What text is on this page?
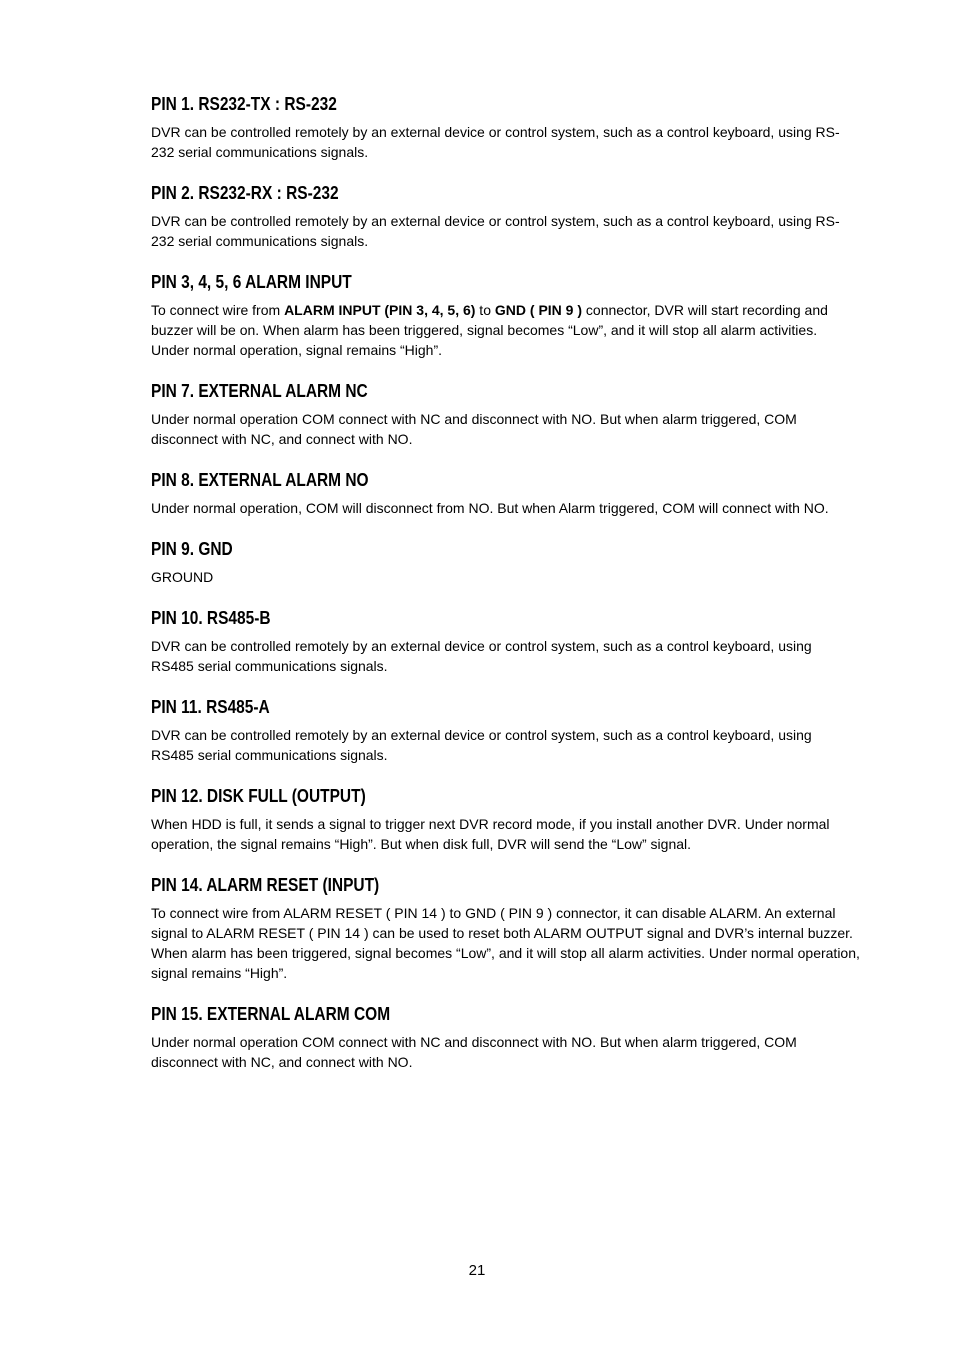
PIN 1. RS232-TX : RS-232

DVR can be controlled remotely by an external device or control system, such as a control keyboard, using RS- 232 serial communications signals.

PIN 2. RS232-RX : RS-232

DVR can be controlled remotely by an external device or control system, such as a control keyboard, using RS- 232 serial communications signals.

PIN 3, 4, 5, 6 ALARM INPUT

To connect wire from ALARM INPUT (PIN 3, 4, 5, 6) to GND ( PIN 9 ) connector, DVR will start recording and buzzer will be on. When alarm has been triggered, signal becomes “Low”, and it will stop all alarm activities. Under normal operation, signal remains “High”.

PIN 7. EXTERNAL ALARM NC

Under normal operation COM connect with NC and disconnect with NO. But when alarm triggered, COM disconnect with NC, and connect with NO.

PIN 8. EXTERNAL ALARM NO

Under normal operation, COM will disconnect from NO. But when Alarm triggered, COM will connect with NO.

PIN 9. GND

GROUND

PIN 10. RS485-B

DVR can be controlled remotely by an external device or control system, such as a control keyboard, using RS485 serial communications signals.

PIN 11. RS485-A

DVR can be controlled remotely by an external device or control system, such as a control keyboard, using RS485 serial communications signals.

PIN 12. DISK FULL (OUTPUT)

When HDD is full, it sends a signal to trigger next DVR record mode, if you install another DVR. Under normal operation, the signal remains “High”. But when disk full, DVR will send the “Low” signal.

PIN 14. ALARM RESET (INPUT)

To connect wire from ALARM RESET ( PIN 14 ) to GND ( PIN 9 ) connector, it can disable ALARM. An external signal to ALARM RESET ( PIN 14 ) can be used to reset both ALARM OUTPUT signal and DVR’s internal buzzer. When alarm has been triggered, signal becomes “Low”, and it will stop all alarm activities. Under normal operation, signal remains “High”.

PIN 15. EXTERNAL ALARM COM

Under normal operation COM connect with NC and disconnect with NO. But when alarm triggered, COM disconnect with NC, and connect with NO.

21
